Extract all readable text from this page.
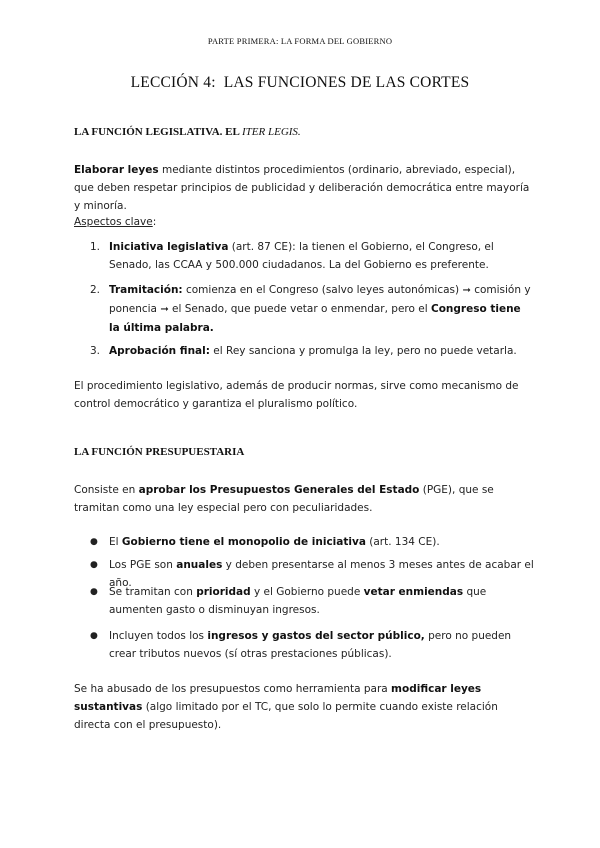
PARTE PRIMERA: LA FORMA DEL GOBIERNO
LECCIÓN 4: LAS FUNCIONES DE LAS CORTES
LA FUNCIÓN LEGISLATIVA. EL ITER LEGIS.
Elaborar leyes mediante distintos procedimientos (ordinario, abreviado, especial), que deben respetar principios de publicidad y deliberación democrática entre mayoría y minoría.
Aspectos clave:
1. Iniciativa legislativa (art. 87 CE): la tienen el Gobierno, el Congreso, el Senado, las CCAA y 500.000 ciudadanos. La del Gobierno es preferente.
2. Tramitación: comienza en el Congreso (salvo leyes autonómicas) ➞ comisión y ponencia ➞ el Senado, que puede vetar o enmendar, pero el Congreso tiene la última palabra.
3. Aprobación final: el Rey sanciona y promulga la ley, pero no puede vetarla.
El procedimiento legislativo, además de producir normas, sirve como mecanismo de control democrático y garantiza el pluralismo político.
LA FUNCIÓN PRESUPUESTARIA
Consiste en aprobar los Presupuestos Generales del Estado (PGE), que se tramitan como una ley especial pero con peculiaridades.
● El Gobierno tiene el monopolio de iniciativa (art. 134 CE).
● Los PGE son anuales y deben presentarse al menos 3 meses antes de acabar el año.
● Se tramitan con prioridad y el Gobierno puede vetar enmiendas que aumenten gasto o disminuyan ingresos.
● Incluyen todos los ingresos y gastos del sector público, pero no pueden crear tributos nuevos (sí otras prestaciones públicas).
Se ha abusado de los presupuestos como herramienta para modificar leyes sustantivas (algo limitado por el TC, que solo lo permite cuando existe relación directa con el presupuesto).
